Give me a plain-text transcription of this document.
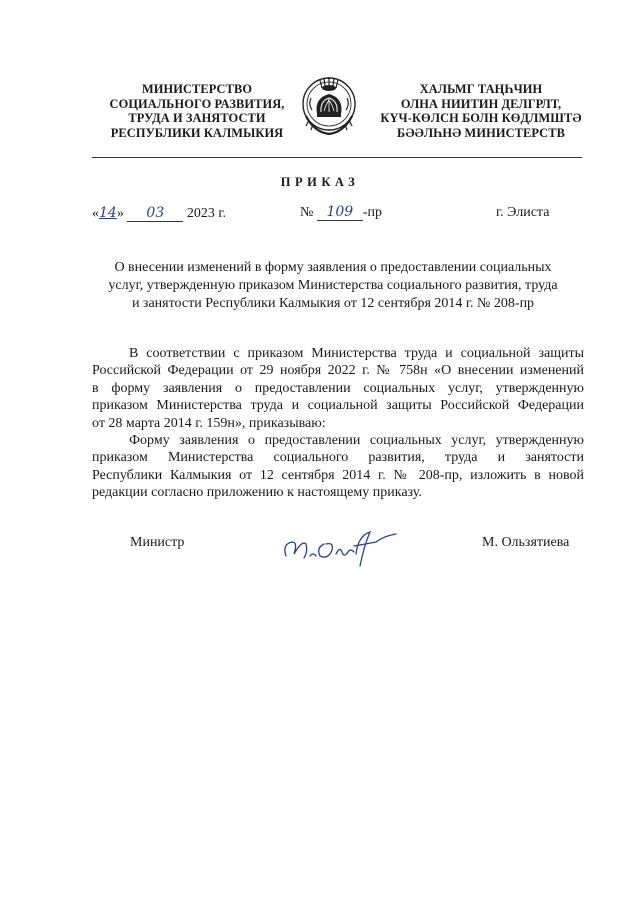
МИНИСТЕРСТВО
СОЦИАЛЬНОГО РАЗВИТИЯ,
ТРУДА И ЗАНЯТОСТИ
РЕСПУБЛИКИ КАЛМЫКИЯ
ХАЛЬМГ ТАҢҺЧИН
ОЛНА НИИТИН ДЕЛГРЛТ,
КҮЧ-КӨЛСН БОЛН КӨДЛМШТӘ
БӘӘЛҺНӘ МИНИСТЕРСТВ
ПРИКАЗ
«14» 03 2023 г.	№ 109 -пр	г. Элиста
О внесении изменений в форму заявления о предоставлении социальных
услуг, утвержденную приказом Министерства социального развития, труда
и занятости Республики Калмыкия от 12 сентября 2014 г. № 208-пр
В соответствии с приказом Министерства труда и социальной защиты
Российской Федерации от 29 ноября 2022 г. № 758н «О внесении изменений
в форму заявления о предоставлении социальных услуг, утвержденную
приказом Министерства труда и социальной защиты Российской Федерации
от 28 марта 2014 г. 159н», приказываю:
Форму заявления о предоставлении социальных услуг, утвержденную
приказом Министерства социального развития, труда и занятости
Республики Калмыкия от 12 сентября 2014 г. № 208-пр, изложить в новой
редакции согласно приложению к настоящему приказу.
Министр	М. Ользятиева
